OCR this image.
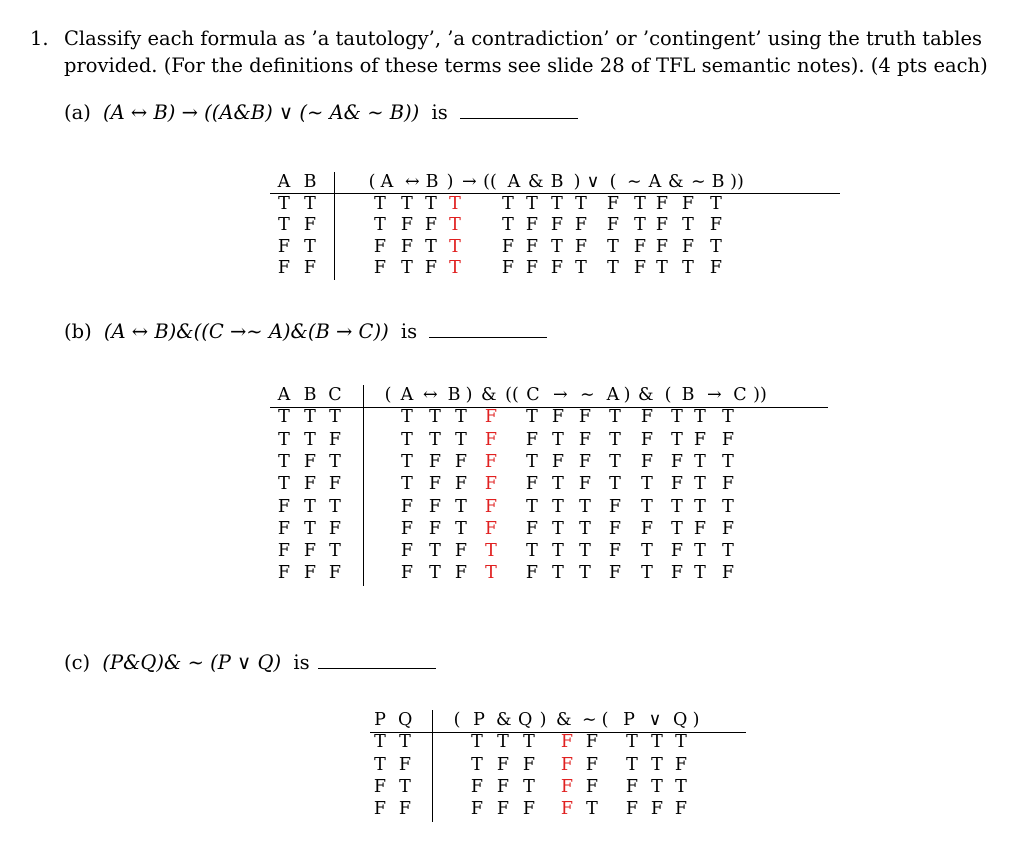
1. Classify each formula as ’a tautology’, ’a contradiction’ or ’contingent’ using the truth tables
provided. (For the definitions of these terms see slide 28 of TFL semantic notes). (4 pts each)
(a) (A ↔ B) → ((A&B) ∨ (∼ A& ∼ B)) is
A B	( A ↔ B ) → (( A & B ) ∨ ( ∼ A & ∼ B ))
T T	T T T T T T T T F T F F T
T F	T F F T T F F F F T F T F
F T	F F T T F F T F T F F F T
F F	F T F T F F F T T F T T F
(b) (A ↔ B)&((C →∼ A)&(B → C)) is
A B C ( A ↔ B ) & (( C → ∼ A ) & ( B → C ))
T T T	T T T F T F F T F T T T
T T F	T T T F F T F T F T F F
T F T	T F F F T F F T F F T T
T F F	T F F F F T F T T F T F
F T T	F F T F T T T F T T T T
F T F	F F T F F T T F F T F F
F F T	F T F T T T T F T F T T
F F F	F T F T F T T F T F T F
(c) (P&Q)& ∼ (P ∨ Q) is
P Q ( P & Q ) & ∼ ( P ∨ Q )
T T	T T T F F T T T
T F	T F F F F T T F
F T	F F T F F F T T
F F	F F F F T F F F
